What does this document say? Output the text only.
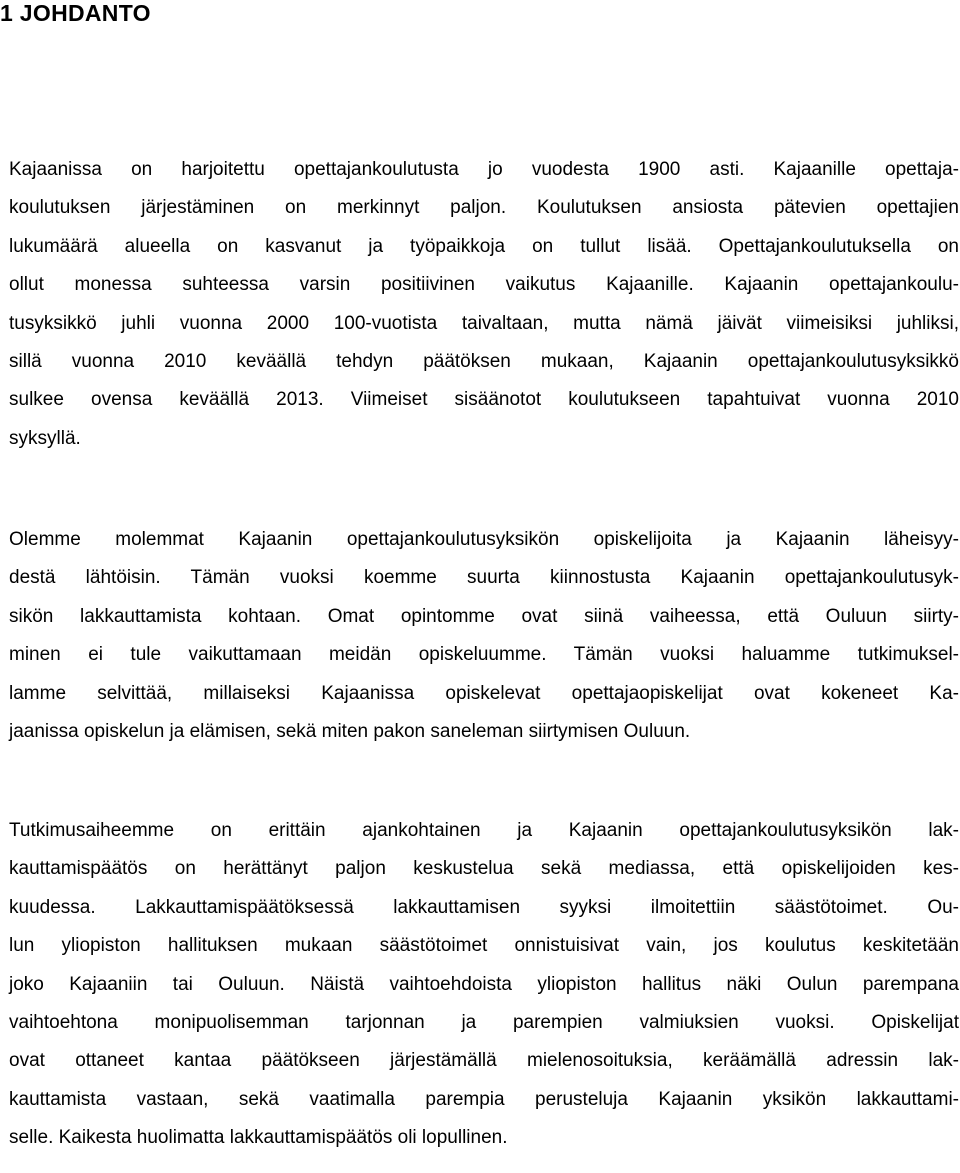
1 JOHDANTO
Kajaanissa on harjoitettu opettajankoulutusta jo vuodesta 1900 asti. Kajaanille opettaja-
koulutuksen järjestäminen on merkinnyt paljon. Koulutuksen ansiosta pätevien opettajien
lukumäärä alueella on kasvanut ja työpaikkoja on tullut lisää. Opettajankoulutuksella on
ollut monessa suhteessa varsin positiivinen vaikutus Kajaanille. Kajaanin opettajankoulu-
tusyksikkö juhli vuonna 2000 100-vuotista taivaltaan, mutta nämä jäivät viimeisiksi juhliksi,
sillä vuonna 2010 keväällä tehdyn päätöksen mukaan, Kajaanin opettajankoulutusyksikkö
sulkee ovensa keväällä 2013. Viimeiset sisäänotot koulutukseen tapahtuivat vuonna 2010
syksyllä.
Olemme molemmat Kajaanin opettajankoulutusyksikön opiskelijoita ja Kajaanin läheisyy-
destä lähtöisin. Tämän vuoksi koemme suurta kiinnostusta Kajaanin opettajankoulutusyk-
sikön lakkauttamista kohtaan. Omat opintomme ovat siinä vaiheessa, että Ouluun siirty-
minen ei tule vaikuttamaan meidän opiskeluumme. Tämän vuoksi haluamme tutkimuksel-
lamme selvittää, millaiseksi Kajaanissa opiskelevat opettajaopiskelijat ovat kokeneet Ka-
jaanissa opiskelun ja elämisen, sekä miten pakon saneleman siirtymisen Ouluun.
Tutkimusaiheemme on erittäin ajankohtainen ja Kajaanin opettajankoulutusyksikön lak-
kauttamispäätös on herättänyt paljon keskustelua sekä mediassa, että opiskelijoiden kes-
kuudessa. Lakkauttamispäätöksessä lakkauttamisen syyksi ilmoitettiin säästötoimet. Ou-
lun yliopiston hallituksen mukaan säästötoimet onnistuisivat vain, jos koulutus keskitetään
joko Kajaaniin tai Ouluun. Näistä vaihtoehdoista yliopiston hallitus näki Oulun parempana
vaihtoehtona monipuolisemman tarjonnan ja parempien valmiuksien vuoksi. Opiskelijat
ovat ottaneet kantaa päätökseen järjestämällä mielenosoituksia, keräämällä adressin lak-
kauttamista vastaan, sekä vaatimalla parempia perusteluja Kajaanin yksikön lakkauttami-
selle. Kaikesta huolimatta lakkauttamispäätös oli lopullinen.
